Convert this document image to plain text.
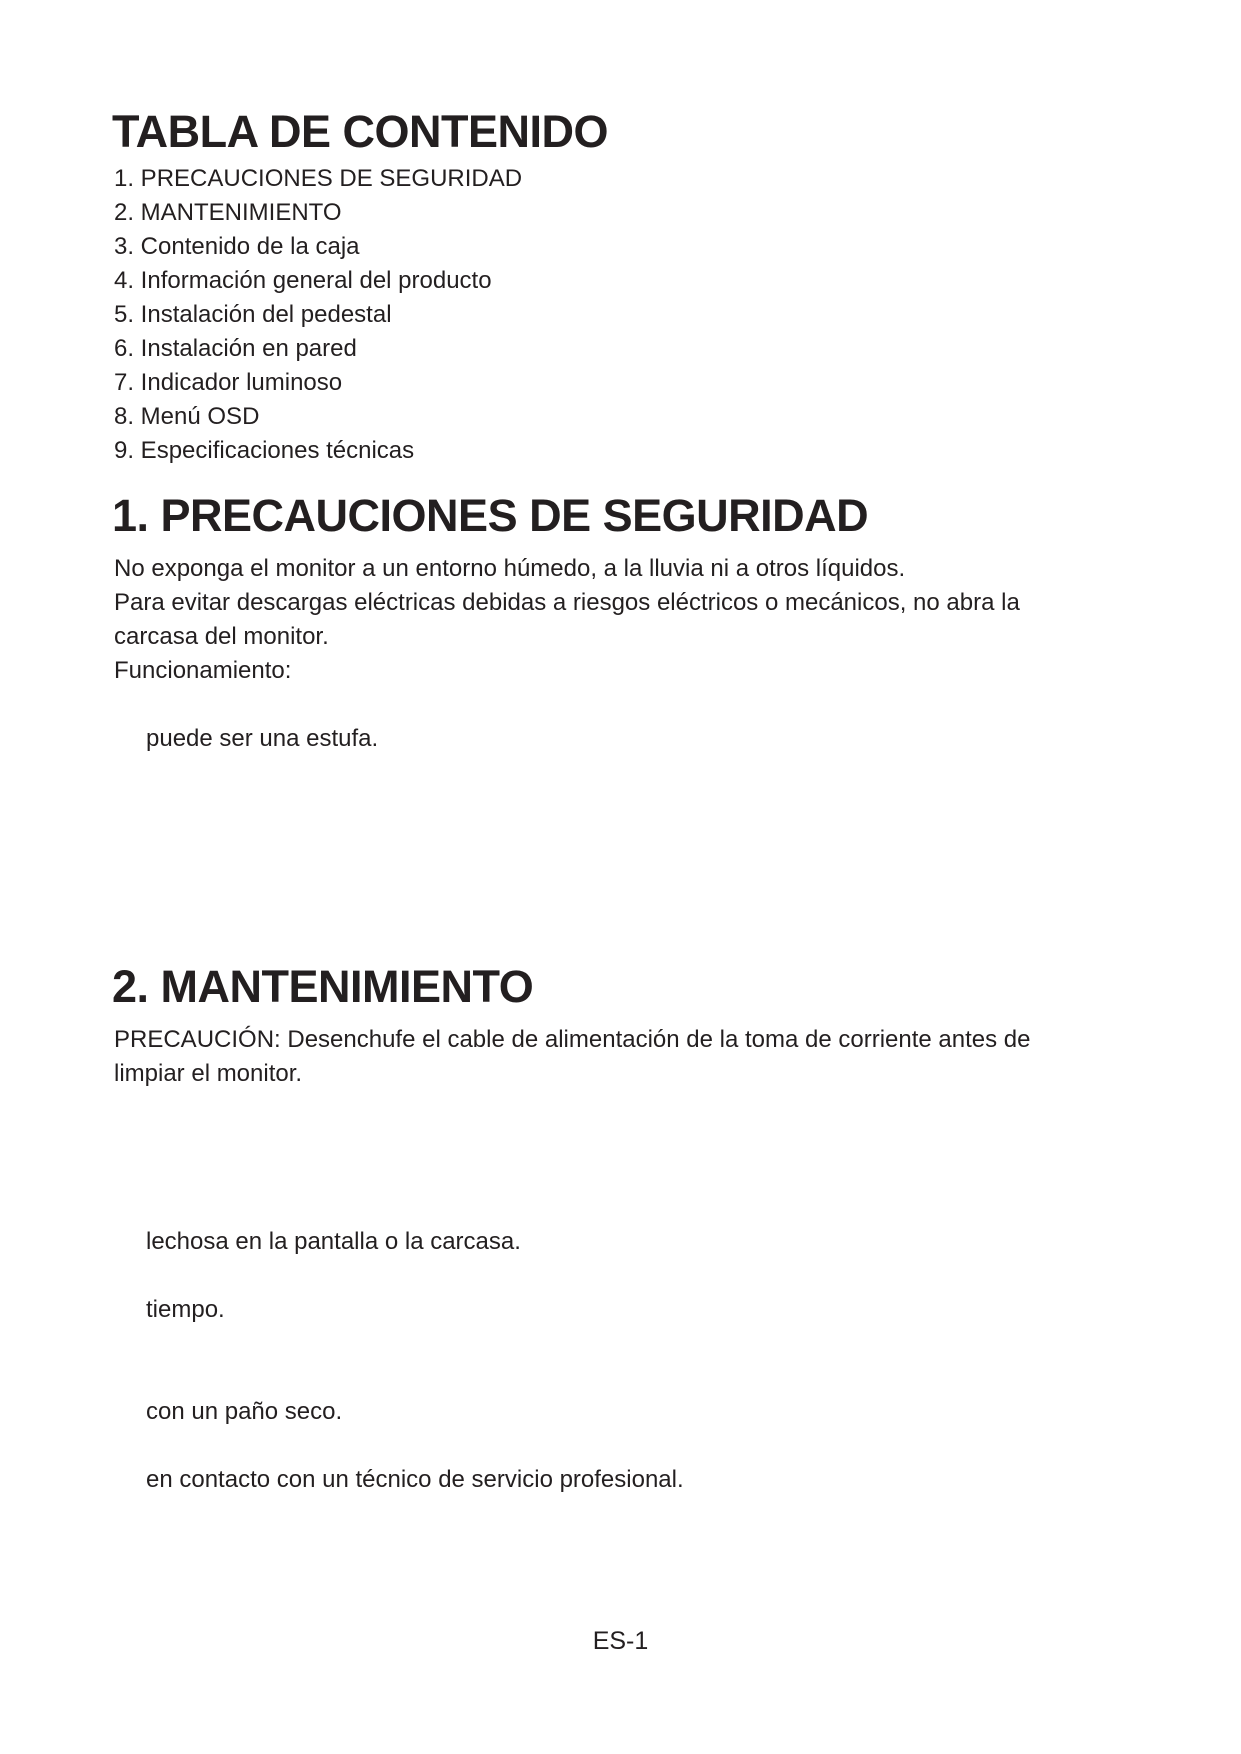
TABLA DE CONTENIDO
1. PRECAUCIONES DE SEGURIDAD
2. MANTENIMIENTO
3. Contenido de la caja
4. Información general del producto
5. Instalación del pedestal
6. Instalación en pared
7. Indicador luminoso
8. Menú OSD
9. Especificaciones técnicas
1. PRECAUCIONES DE SEGURIDAD

No exponga el monitor a un entorno húmedo, a la lluvia ni a otros líquidos.

Para evitar descargas eléctricas debidas a riesgos eléctricos o mecánicos, no abra la

carcasa del monitor.

Funcionamiento:

puede ser una estufa.

2. MANTENIMIENTO

PRECAUCIÓN: Desenchufe el cable de alimentación de la toma de corriente antes de

limpiar el monitor.

lechosa en la pantalla o la carcasa.

tiempo.

con un paño seco.

en contacto con un técnico de servicio profesional.

ES-1
